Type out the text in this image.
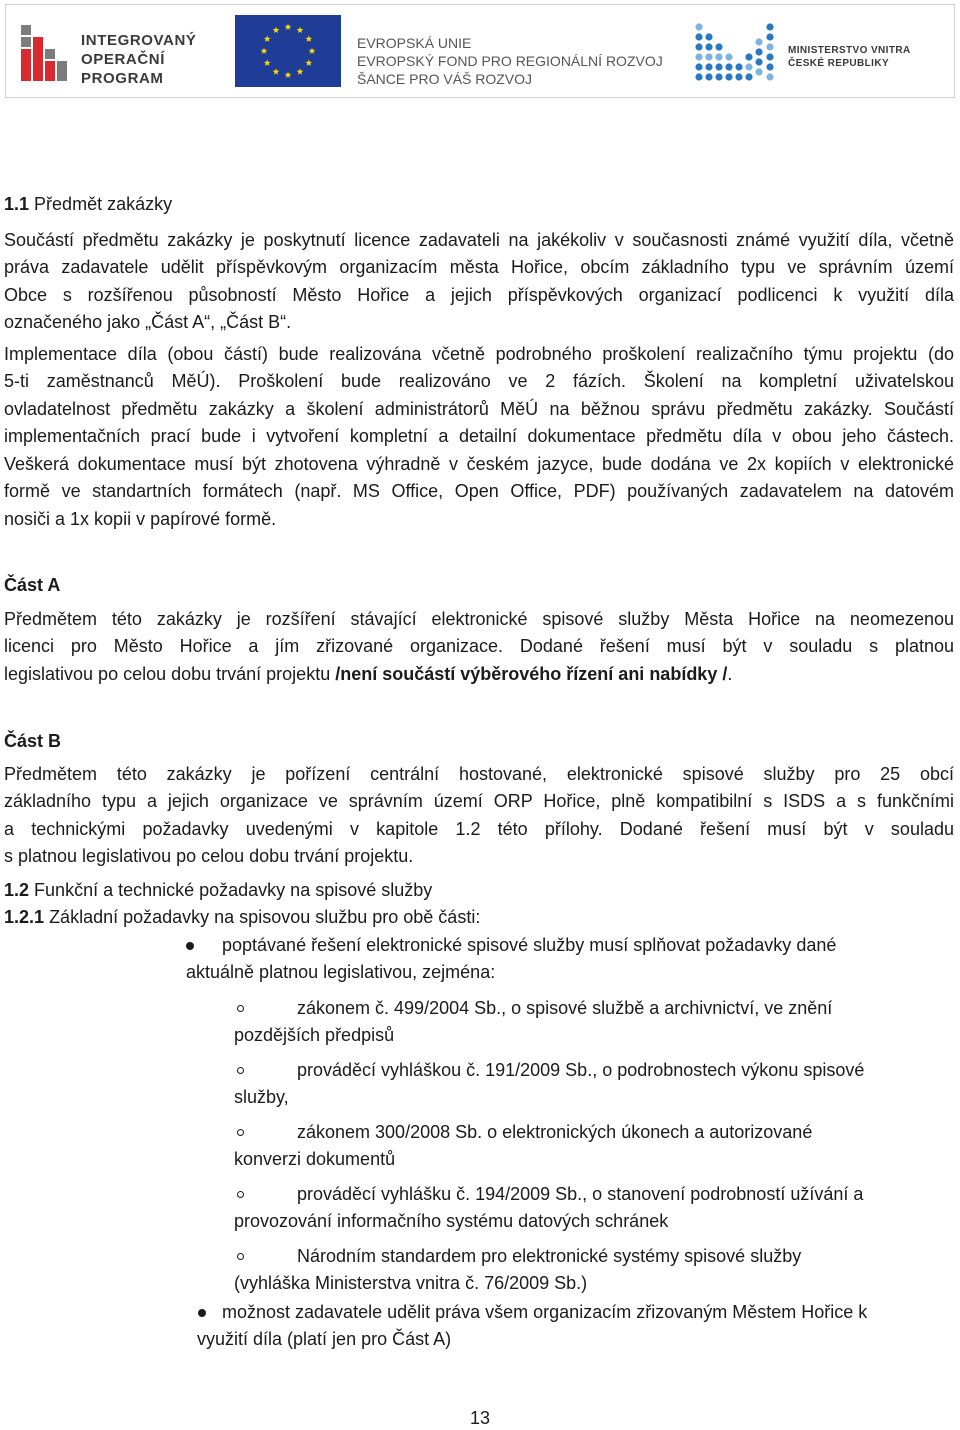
INTEGROVANÝ
OPERAČNÍ
PROGRAM
EVROPSKÁ UNIE
EVROPSKÝ FOND PRO REGIONÁLNÍ ROZVOJ
ŠANCE PRO VÁŠ ROZVOJ
MINISTERSTVO VNITRA
ČESKÉ REPUBLIKY
1.1 Předmět zakázky
Součástí předmětu zakázky je poskytnutí licence zadavateli na jakékoliv v současnosti známé využití díla, včetně
práva zadavatele udělit příspěvkovým organizacím města Hořice, obcím základního typu ve správním území
Obce s rozšířenou působností Město Hořice a jejich příspěvkových organizací podlicenci k využití díla
označeného jako „Část A“, „Část B“.
Implementace díla (obou částí) bude realizována včetně podrobného proškolení realizačního týmu projektu (do
5-ti zaměstnanců MěÚ). Proškolení bude realizováno ve 2 fázích. Školení na kompletní uživatelskou
ovladatelnost předmětu zakázky a školení administrátorů MěÚ na běžnou správu předmětu zakázky. Součástí
implementačních prací bude i vytvoření kompletní a detailní dokumentace předmětu díla v obou jeho částech.
Veškerá dokumentace musí být zhotovena výhradně v českém jazyce, bude dodána ve 2x kopiích v elektronické
formě ve standartních formátech (např. MS Office, Open Office, PDF) používaných zadavatelem na datovém
nosiči a 1x kopii v papírové formě.
Část A
Předmětem této zakázky je rozšíření stávající elektronické spisové služby Města Hořice na neomezenou
licenci pro Město Hořice a jím zřizované organizace. Dodané řešení musí být v souladu s platnou
legislativou po celou dobu trvání projektu /není součástí výběrového řízení ani nabídky /.
Část B
Předmětem této zakázky je pořízení centrální hostované, elektronické spisové služby pro 25 obcí
základního typu a jejich organizace ve správním území ORP Hořice, plně kompatibilní s ISDS a s funkčními
a technickými požadavky uvedenými v kapitole 1.2 této přílohy. Dodané řešení musí být v souladu
s platnou legislativou po celou dobu trvání projektu.
1.2 Funkční a technické požadavky na spisové služby
1.2.1 Základní požadavky na spisovou službu pro obě části:
poptávané řešení elektronické spisové služby musí splňovat požadavky dané
aktuálně platnou legislativou, zejména:
zákonem č. 499/2004 Sb., o spisové službě a archivnictví, ve znění
pozdějších předpisů
prováděcí vyhláškou č. 191/2009 Sb., o podrobnostech výkonu spisové
služby,
zákonem 300/2008 Sb. o elektronických úkonech a autorizované
konverzi dokumentů
prováděcí vyhlášku č. 194/2009 Sb., o stanovení podrobností užívání a
provozování informačního systému datových schránek
Národním standardem pro elektronické systémy spisové služby
(vyhláška Ministerstva vnitra č. 76/2009 Sb.)
možnost zadavatele udělit práva všem organizacím zřizovaným Městem Hořice k
využití díla (platí jen pro Část A)
13
